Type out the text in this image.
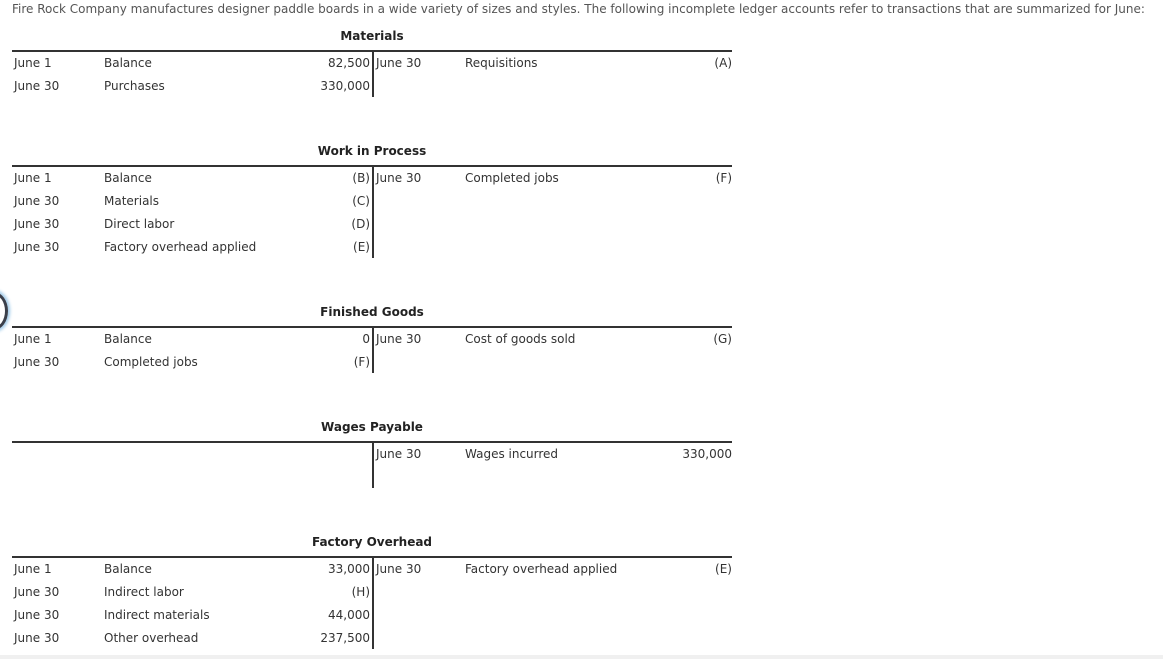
Fire Rock Company manufactures designer paddle boards in a wide variety of sizes and styles. The following incomplete ledger accounts refer to transactions that are summarized for June:
Materials
June 1	Balance	82,500 June 30	Requisitions	(A)
June 30	Purchases	330,000
Work in Process
June 1	Balance	(B) June 30	Completed jobs	(F)
June 30	Materials	(C)
June 30	Direct labor	(D)
June 30	Factory overhead applied	(E)
Finished Goods
June 1	Balance	0 June 30	Cost of goods sold	(G)
June 30	Completed jobs	(F)
Wages Payable
June 30	Wages incurred	330,000
Factory Overhead
June 1	Balance	33,000 June 30	Factory overhead applied	(E)
June 30	Indirect labor	(H)
June 30	Indirect materials	44,000
June 30	Other overhead	237,500
